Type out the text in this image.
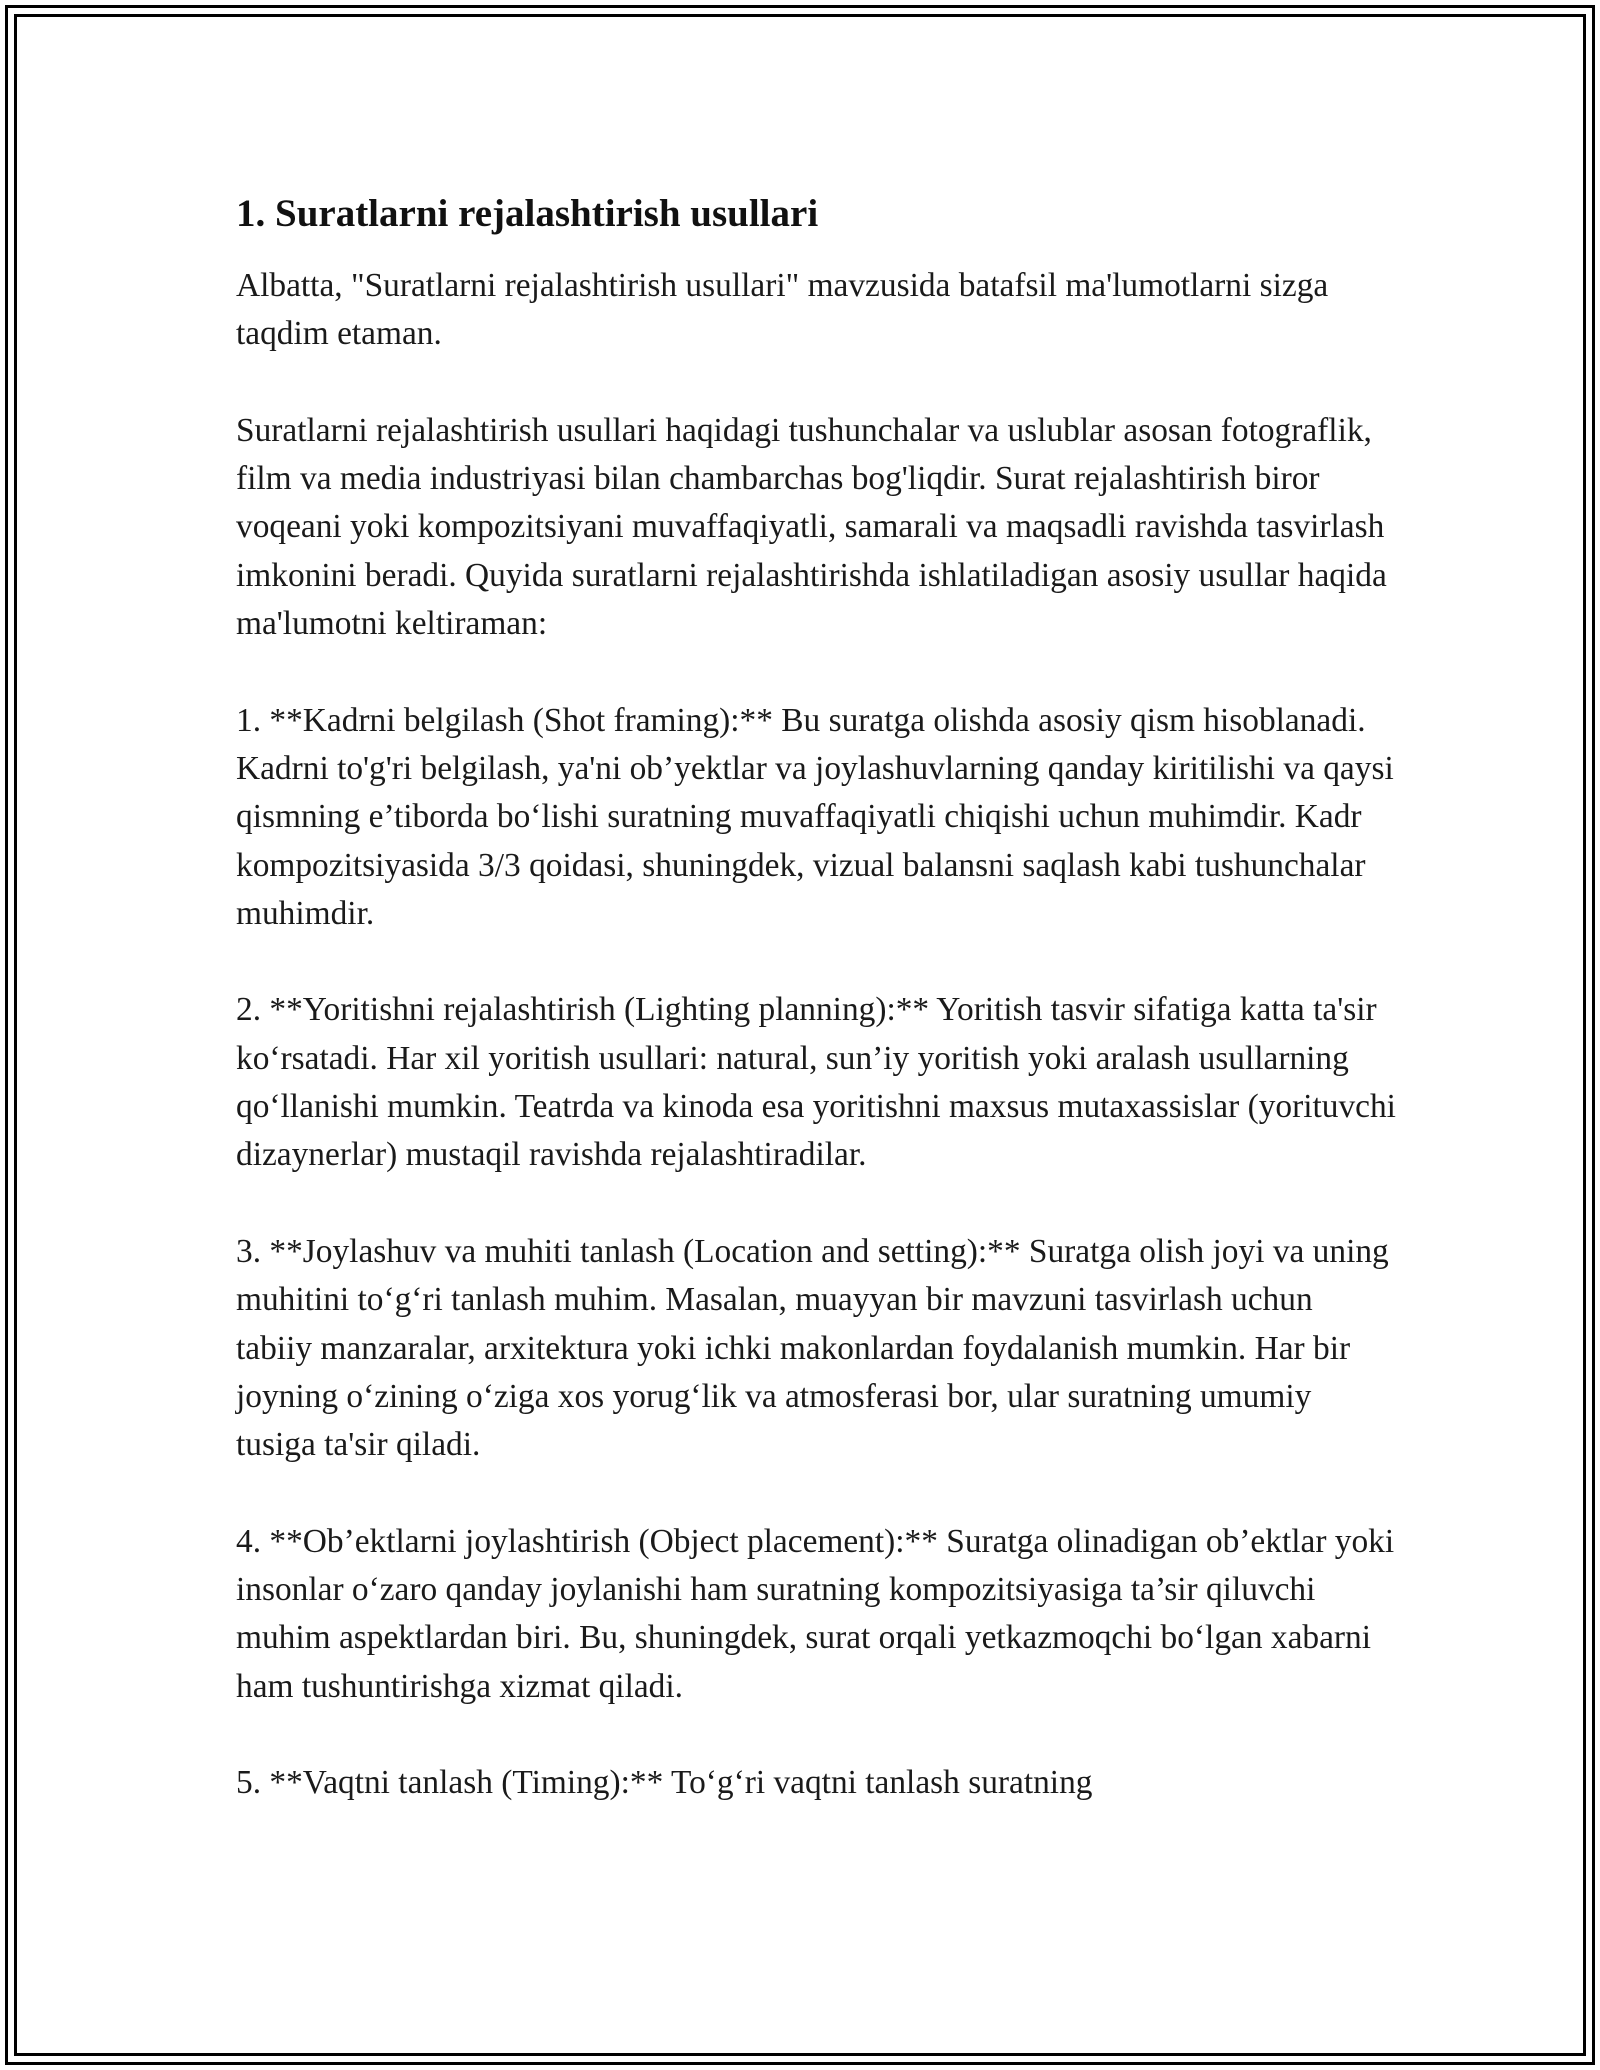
1. Suratlarni rejalashtirish usullari

Albatta, "Suratlarni rejalashtirish usullari" mavzusida batafsil ma'lumotlarni sizga taqdim etaman.

Suratlarni rejalashtirish usullari haqidagi tushunchalar va uslublar asosan fotograflik, film va media industriyasi bilan chambarchas bog'liqdir. Surat rejalashtirish biror voqeani yoki kompozitsiyani muvaffaqiyatli, samarali va maqsadli ravishda tasvirlash imkonini beradi. Quyida suratlarni rejalashtirishda ishlatiladigan asosiy usullar haqida ma'lumotni keltiraman:

1. **Kadrni belgilash (Shot framing):** Bu suratga olishda asosiy qism hisoblanadi. Kadrni to'g'ri belgilash, ya'ni ob’yektlar va joylashuvlarning qanday kiritilishi va qaysi qismning e’tiborda bo‘lishi suratning muvaffaqiyatli chiqishi uchun muhimdir. Kadr kompozitsiyasida 3/3 qoidasi, shuningdek, vizual balansni saqlash kabi tushunchalar muhimdir.

2. **Yoritishni rejalashtirish (Lighting planning):** Yoritish tasvir sifatiga katta ta'sir ko‘rsatadi. Har xil yoritish usullari: natural, sun’iy yoritish yoki aralash usullarning qo‘llanishi mumkin. Teatrda va kinoda esa yoritishni maxsus mutaxassislar (yorituvchi dizaynerlar) mustaqil ravishda rejalashtiradilar.

3. **Joylashuv va muhiti tanlash (Location and setting):** Suratga olish joyi va uning muhitini to‘g‘ri tanlash muhim. Masalan, muayyan bir mavzuni tasvirlash uchun tabiiy manzaralar, arxitektura yoki ichki makonlardan foydalanish mumkin. Har bir joyning o‘zining o‘ziga xos yorug‘lik va atmosferasi bor, ular suratning umumiy tusiga ta'sir qiladi.

4. **Ob’ektlarni joylashtirish (Object placement):** Suratga olinadigan ob’ektlar yoki insonlar o‘zaro qanday joylanishi ham suratning kompozitsiyasiga ta’sir qiluvchi muhim aspektlardan biri. Bu, shuningdek, surat orqali yetkazmoqchi bo‘lgan xabarni ham tushuntirishga xizmat qiladi.

5. **Vaqtni tanlash (Timing):** To‘g‘ri vaqtni tanlash suratning
